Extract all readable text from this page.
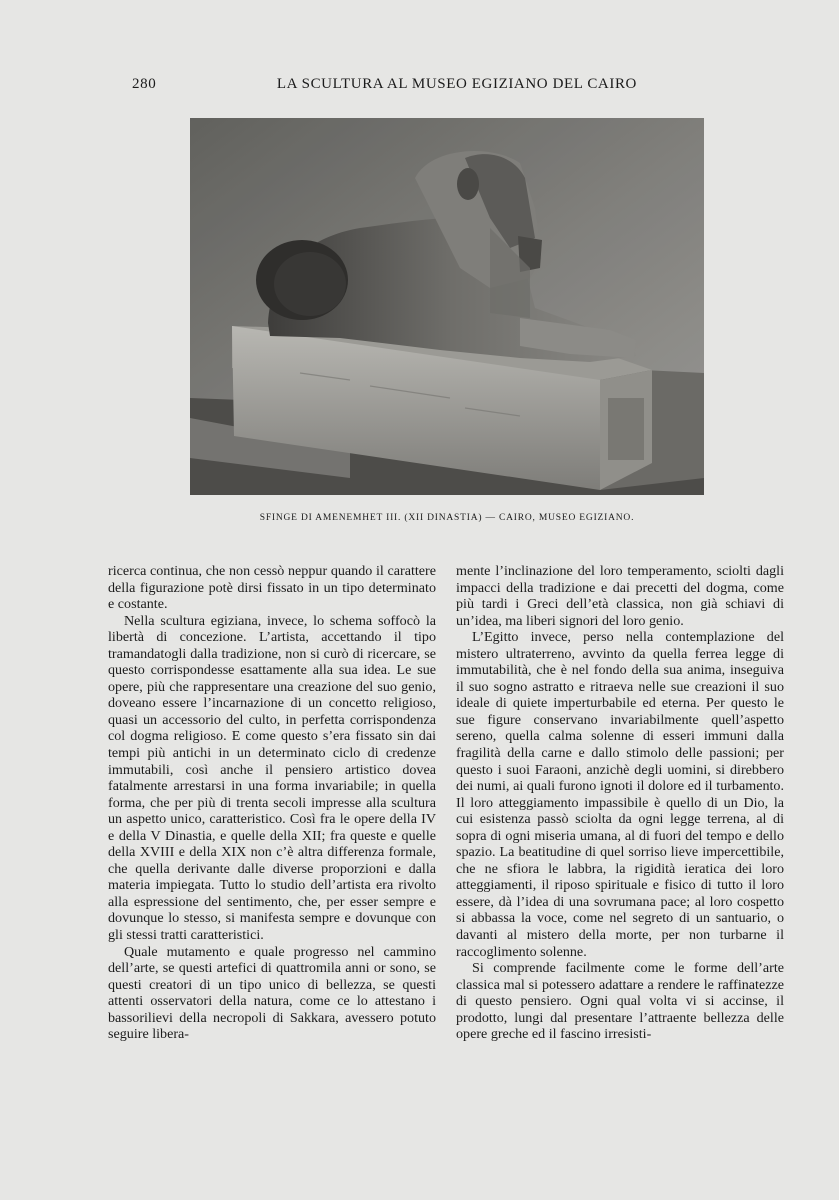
280	LA SCULTURA AL MUSEO EGIZIANO DEL CAIRO
SFINGE DI AMENEMHET III. (XII DINASTIA) — CAIRO, MUSEO EGIZIANO.

ricerca continua, che non cessò neppur quando il carattere della figurazione potè dirsi fissato in un tipo determinato e costante.

Nella scultura egiziana, invece, lo schema soffocò la libertà di concezione. L’artista, accettando il tipo tramandatogli dalla tradizione, non si curò di ricercare, se questo corrispondesse esattamente alla sua idea. Le sue opere, più che rappresentare una creazione del suo genio, doveano essere l’incarnazione di un concetto religioso, quasi un accessorio del culto, in perfetta corrispondenza col dogma religioso. E come questo s’era fissato sin dai tempi più antichi in un determinato ciclo di credenze immutabili, così anche il pensiero artistico dovea fatalmente arrestarsi in una forma invariabile; in quella forma, che per più di trenta secoli impresse alla scultura un aspetto unico, caratteristico. Così fra le opere della IV e della V Dinastia, e quelle della XII; fra queste e quelle della XVIII e della XIX non c’è altra differenza formale, che quella derivante dalle diverse proporzioni e dalla materia impiegata. Tutto lo studio dell’artista era rivolto alla espressione del sentimento, che, per esser sempre e dovunque lo stesso, si manifesta sempre e dovunque con gli stessi tratti caratteristici.

Quale mutamento e quale progresso nel cammino dell’arte, se questi artefici di quattromila anni or sono, se questi creatori di un tipo unico di bellezza, se questi attenti osservatori della natura, come ce lo attestano i bassorilievi della necropoli di Sakkara, avessero potuto seguire libera-

mente l’inclinazione del loro temperamento, sciolti dagli impacci della tradizione e dai precetti del dogma, come più tardi i Greci dell’età classica, non già schiavi di un’idea, ma liberi signori del loro genio.

L’Egitto invece, perso nella contemplazione del mistero ultraterreno, avvinto da quella ferrea legge di immutabilità, che è nel fondo della sua anima, inseguiva il suo sogno astratto e ritraeva nelle sue creazioni il suo ideale di quiete imperturbabile ed eterna. Per questo le sue figure conservano invariabilmente quell’aspetto sereno, quella calma solenne di esseri immuni dalla fragilità della carne e dallo stimolo delle passioni; per questo i suoi Faraoni, anzichè degli uomini, si direbbero dei numi, ai quali furono ignoti il dolore ed il turbamento. Il loro atteggiamento impassibile è quello di un Dio, la cui esistenza passò sciolta da ogni legge terrena, al di sopra di ogni miseria umana, al di fuori del tempo e dello spazio. La beatitudine di quel sorriso lieve impercettibile, che ne sfiora le labbra, la rigidità ieratica dei loro atteggiamenti, il riposo spirituale e fisico di tutto il loro essere, dà l’idea di una sovrumana pace; al loro cospetto si abbassa la voce, come nel segreto di un santuario, o davanti al mistero della morte, per non turbarne il raccoglimento solenne.

Si comprende facilmente come le forme dell’arte classica mal si potessero adattare a rendere le raffinatezze di questo pensiero. Ogni qual volta vi si accinse, il prodotto, lungi dal presentare l’attraente bellezza delle opere greche ed il fascino irresisti-
